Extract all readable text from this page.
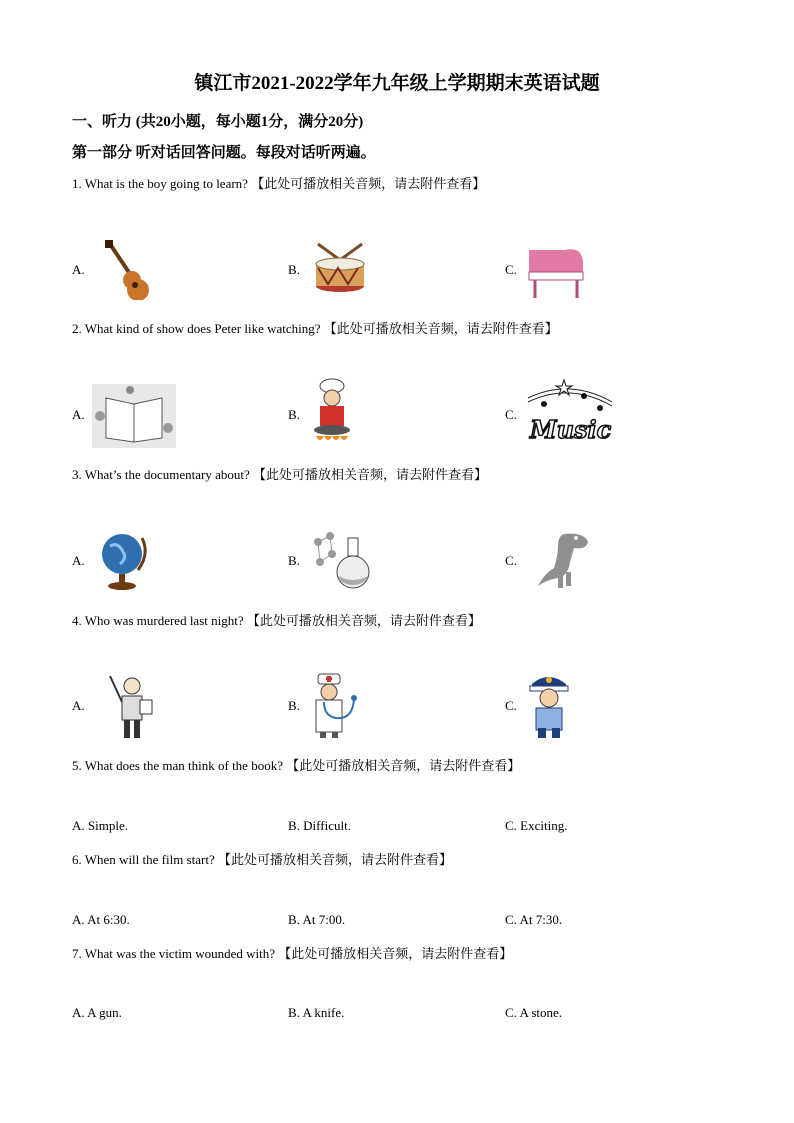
镇江市2021-2022学年九年级上学期期末英语试题
一、听力 (共20小题，每小题1分，满分20分)
第一部分 听对话回答问题。每段对话听两遍。
1. What is the boy going to learn? 【此处可播放相关音频，请去附件查看】
A.	B.	C.
2. What kind of show does Peter like watching? 【此处可播放相关音频，请去附件查看】
A.	B.	C.
Music
3. What’s the documentary about? 【此处可播放相关音频，请去附件查看】
A.	B.	C.
4. Who was murdered last night? 【此处可播放相关音频，请去附件查看】
A.	B.	C.
5. What does the man think of the book? 【此处可播放相关音频，请去附件查看】
A. Simple.	B. Difficult.	C. Exciting.
6. When will the film start? 【此处可播放相关音频，请去附件查看】
A. At 6:30.	B. At 7:00.	C. At 7:30.
7. What was the victim wounded with? 【此处可播放相关音频，请去附件查看】
A. A gun.	B. A knife.	C. A stone.
